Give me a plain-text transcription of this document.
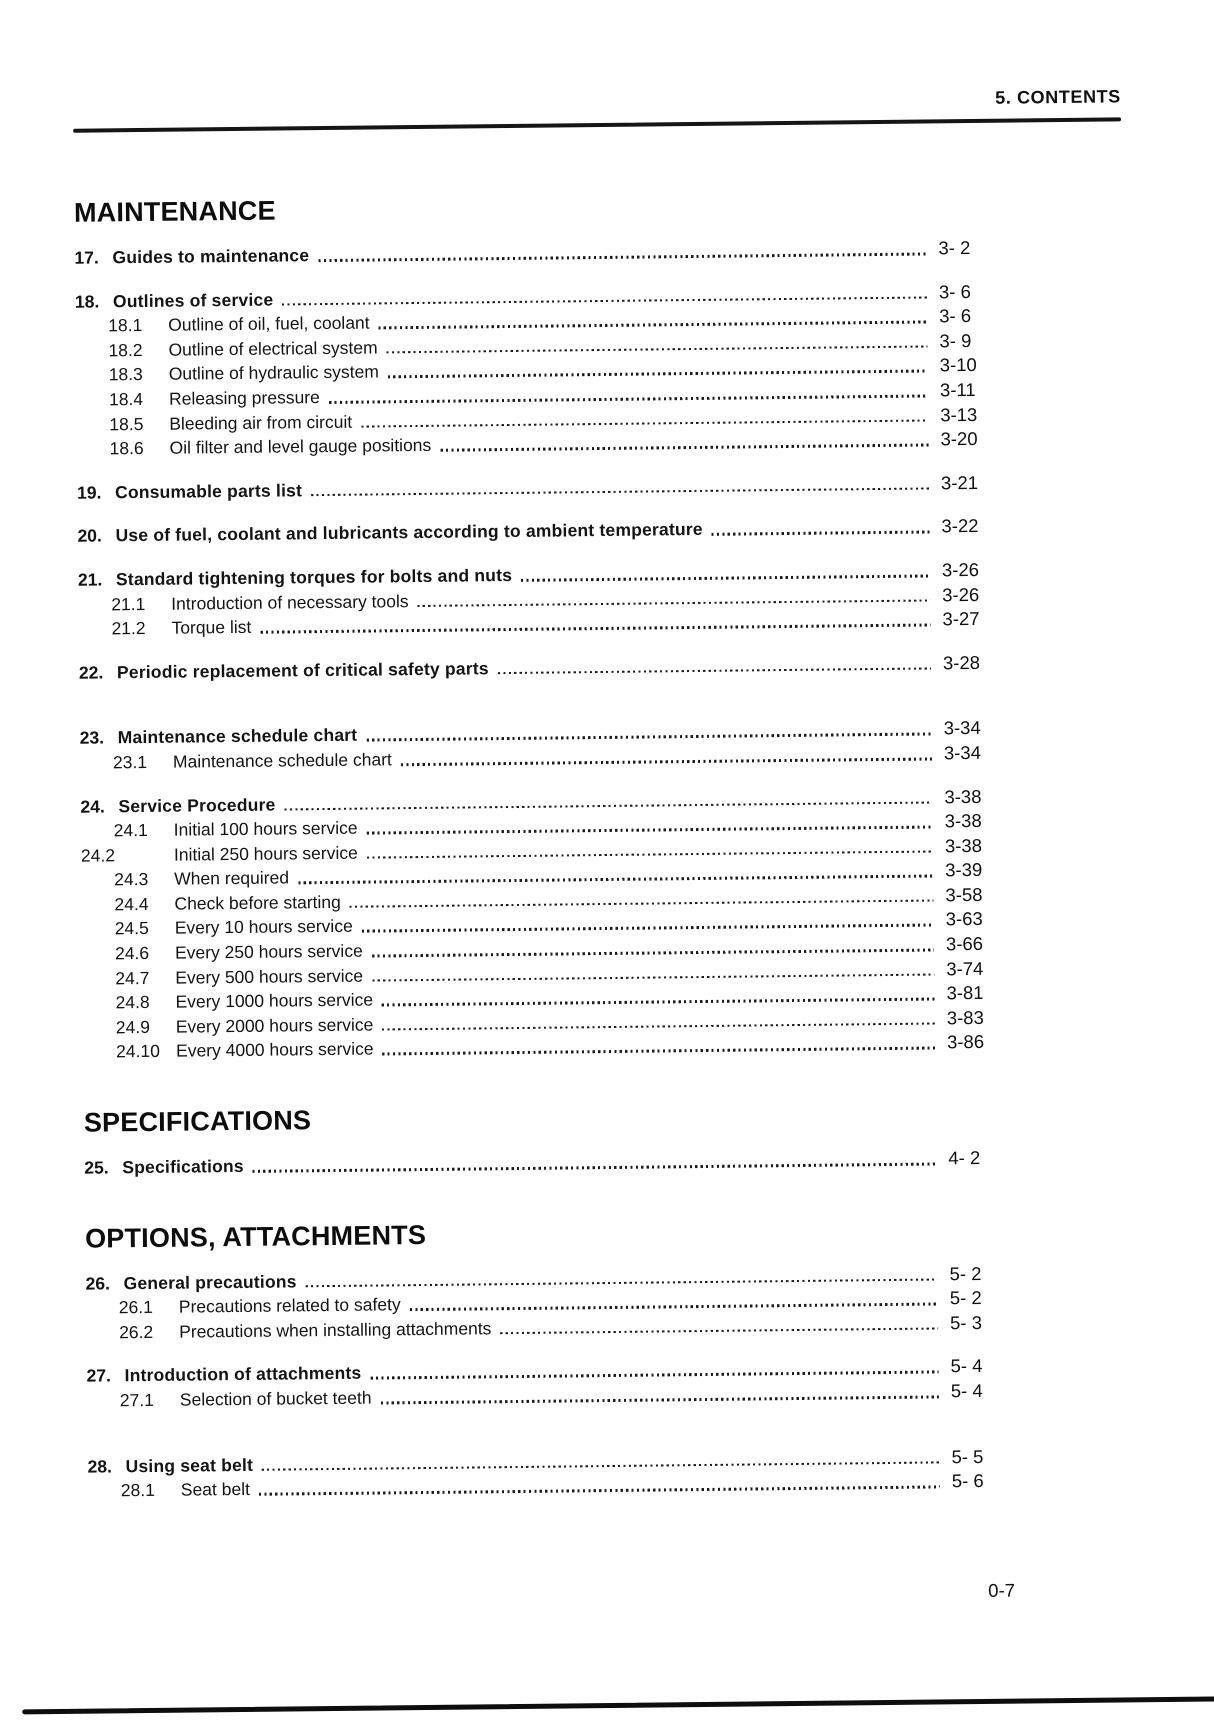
5. CONTENTS
MAINTENANCE
17. Guides to maintenance	3- 2
18. Outlines of service	3- 6
18.1	Outline of oil, fuel, coolant	3- 6
18.2	Outline of electrical system	3- 9
18.3	Outline of hydraulic system	3-10
18.4	Releasing pressure	3-11
18.5	Bleeding air from circuit	3-13
18.6	Oil filter and level gauge positions	3-20
19. Consumable parts list	3-21
20. Use of fuel, coolant and lubricants according to ambient temperature	3-22
21. Standard tightening torques for bolts and nuts	3-26
21.1	Introduction of necessary tools	3-26
21.2	Torque list	3-27
22. Periodic replacement of critical safety parts	3-28
23. Maintenance schedule chart	3-34
23.1	Maintenance schedule chart	3-34
24. Service Procedure	3-38
24.1	Initial 100 hours service	3-38
24.2	Initial 250 hours service	3-38
24.3	When required	3-39
24.4	Check before starting	3-58
24.5	Every 10 hours service	3-63
24.6	Every 250 hours service	3-66
24.7	Every 500 hours service	3-74
24.8	Every 1000 hours service	3-81
24.9	Every 2000 hours service	3-83
24.10 Every 4000 hours service	3-86
SPECIFICATIONS
25. Specifications	4- 2
OPTIONS, ATTACHMENTS
26. General precautions	5- 2
26.1	Precautions related to safety	5- 2
26.2	Precautions when installing attachments	5- 3
27. Introduction of attachments	5- 4
27.1	Selection of bucket teeth	5- 4
28. Using seat belt	5- 5
28.1	Seat belt	5- 6
0-7
